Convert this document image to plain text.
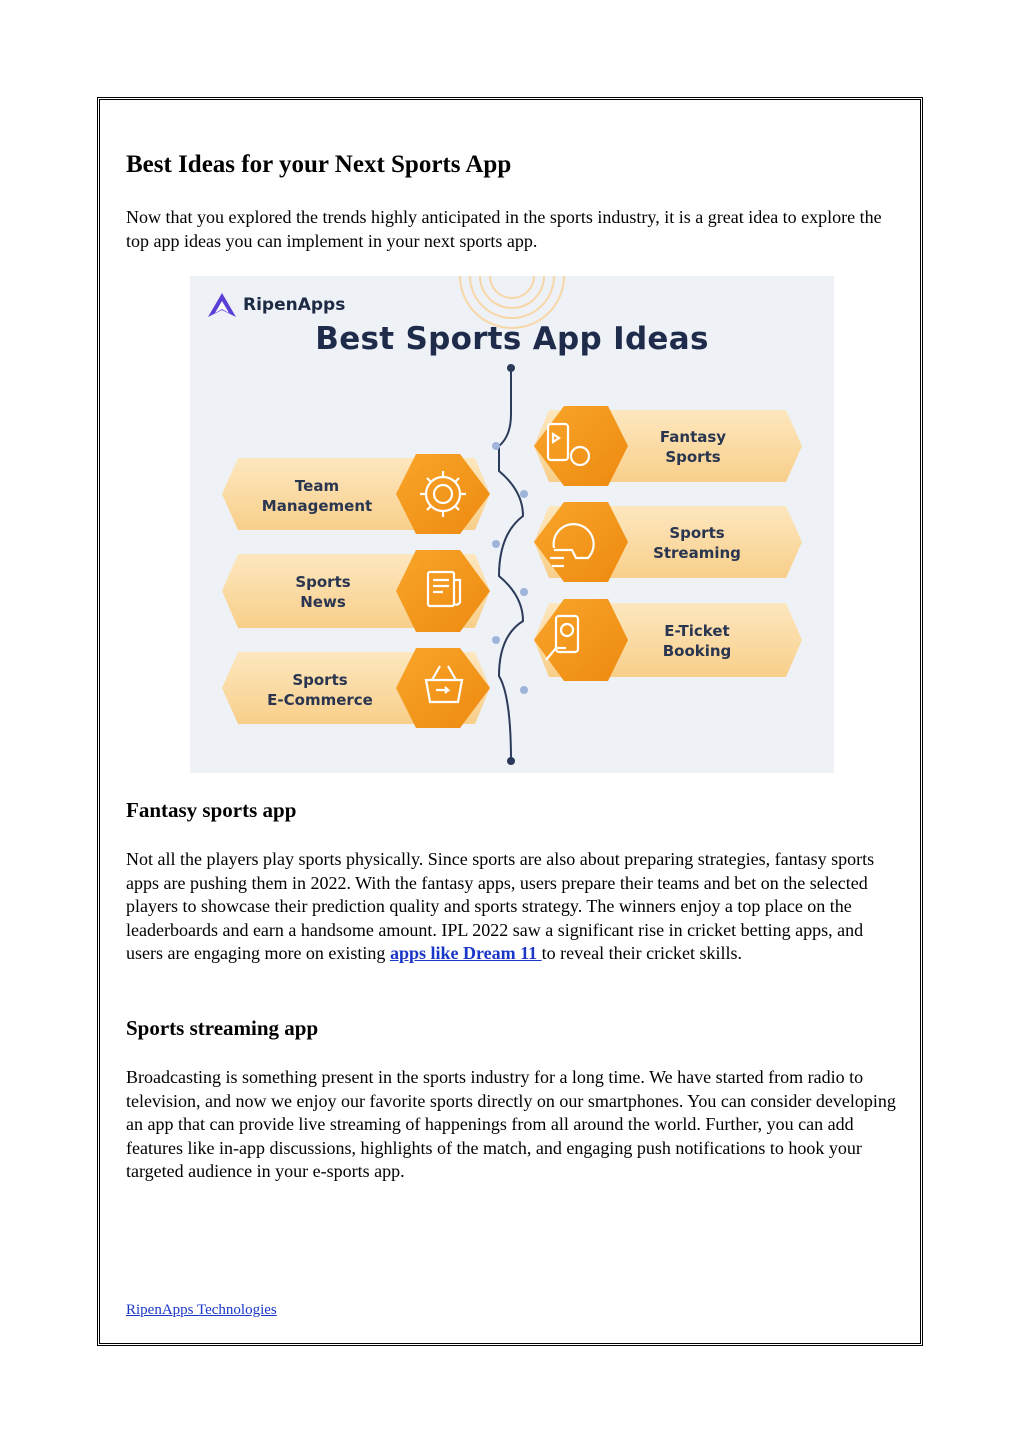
Best Ideas for your Next Sports App

Now that you explored the trends highly anticipated in the sports industry, it is a great idea to explore the top app ideas you can implement in your next sports app.

RipenApps
Best Sports App Ideas
Team
Management
Sports
News
Sports
E-Commerce
Fantasy
Sports
Sports
Streaming
E-Ticket
Booking
Fantasy sports app

Not all the players play sports physically. Since sports are also about preparing strategies, fantasy sports apps are pushing them in 2022. With the fantasy apps, users prepare their teams and bet on the selected players to showcase their prediction quality and sports strategy. The winners enjoy a top place on the leaderboards and earn a handsome amount. IPL 2022 saw a significant rise in cricket betting apps, and users are engaging more on existing apps like Dream 11 to reveal their cricket skills.

Sports streaming app

Broadcasting is something present in the sports industry for a long time. We have started from radio to television, and now we enjoy our favorite sports directly on our smartphones. You can consider developing an app that can provide live streaming of happenings from all around the world. Further, you can add features like in-app discussions, highlights of the match, and engaging push notifications to hook your targeted audience in your e-sports app.

RipenApps Technologies
